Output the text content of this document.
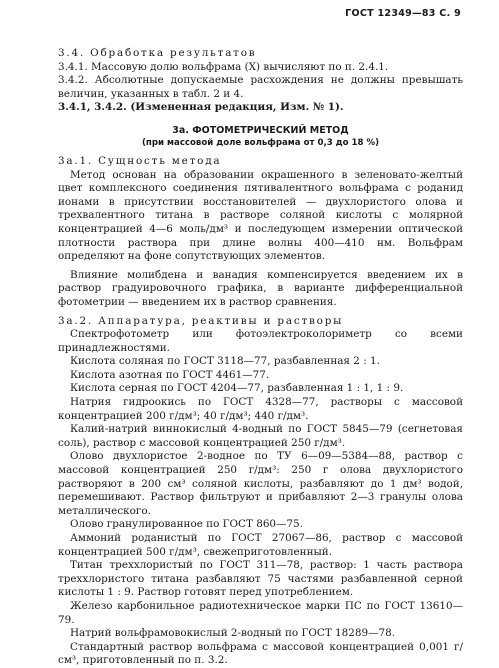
ГОСТ 12349—83 С. 9

3.4. Обработка результатов

3.4.1. Массовую долю вольфрама (X) вычисляют по п. 2.4.1.

3.4.2. Абсолютные допускаемые расхождения не должны превышать величин, указанных в табл. 2 и 4.

3.4.1, 3.4.2. (Измененная редакция, Изм. № 1).

3а. ФОТОМЕТРИЧЕСКИЙ МЕТОД
(при массовой доле вольфрама от 0,3 до 18 %)

3а.1. Сущность метода

Метод основан на образовании окрашенного в зеленовато-желтый цвет комплексного соединения пятивалентного вольфрама с роданид ионами в присутствии восстановителей — двухлористого олова и трехвалентного титана в растворе соляной кислоты с молярной концентрацией 4—6 моль/дм³ и последующем измерении оптической плотности раствора при длине волны 400—410 нм. Вольфрам определяют на фоне сопутствующих элементов.

Влияние молибдена и ванадия компенсируется введением их в раствор градуировочного графика, в варианте дифференциальной фотометрии — введением их в раствор сравнения.

3а.2. Аппаратура, реактивы и растворы

Спектрофотометр или фотоэлектроколориметр со всеми принадлежностями.

Кислота соляная по ГОСТ 3118—77, разбавленная 2 : 1.

Кислота азотная по ГОСТ 4461—77.

Кислота серная по ГОСТ 4204—77, разбавленная 1 : 1, 1 : 9.

Натрия гидроокись по ГОСТ 4328—77, растворы с массовой концентрацией 200 г/дм³; 40 г/дм³; 440 г/дм³.

Калий-натрий виннокислый 4-водный по ГОСТ 5845—79 (сегнетовая соль), раствор с массовой концентрацией 250 г/дм³.

Олово двухлористое 2-водное по ТУ 6—09—5384—88, раствор с массовой концентрацией 250 г/дм³: 250 г олова двухлористого растворяют в 200 см³ соляной кислоты, разбавляют до 1 дм³ водой, перемешивают. Раствор фильтруют и прибавляют 2—3 гранулы олова металлического.

Олово гранулированное по ГОСТ 860—75.

Аммоний роданистый по ГОСТ 27067—86, раствор с массовой концентрацией 500 г/дм³, свежеприготовленный.

Титан треххлористый по ГОСТ 311—78, раствор: 1 часть раствора треххлористого титана разбавляют 75 частями разбавленной серной кислоты 1 : 9. Раствор готовят перед употреблением.

Железо карбонильное радиотехническое марки ПС по ГОСТ 13610—79.

Натрий вольфрамовокислый 2-водный по ГОСТ 18289—78.

Стандартный раствор вольфрама с массовой концентрацией 0,001 г/см³, приготовленный по п. 3.2.
